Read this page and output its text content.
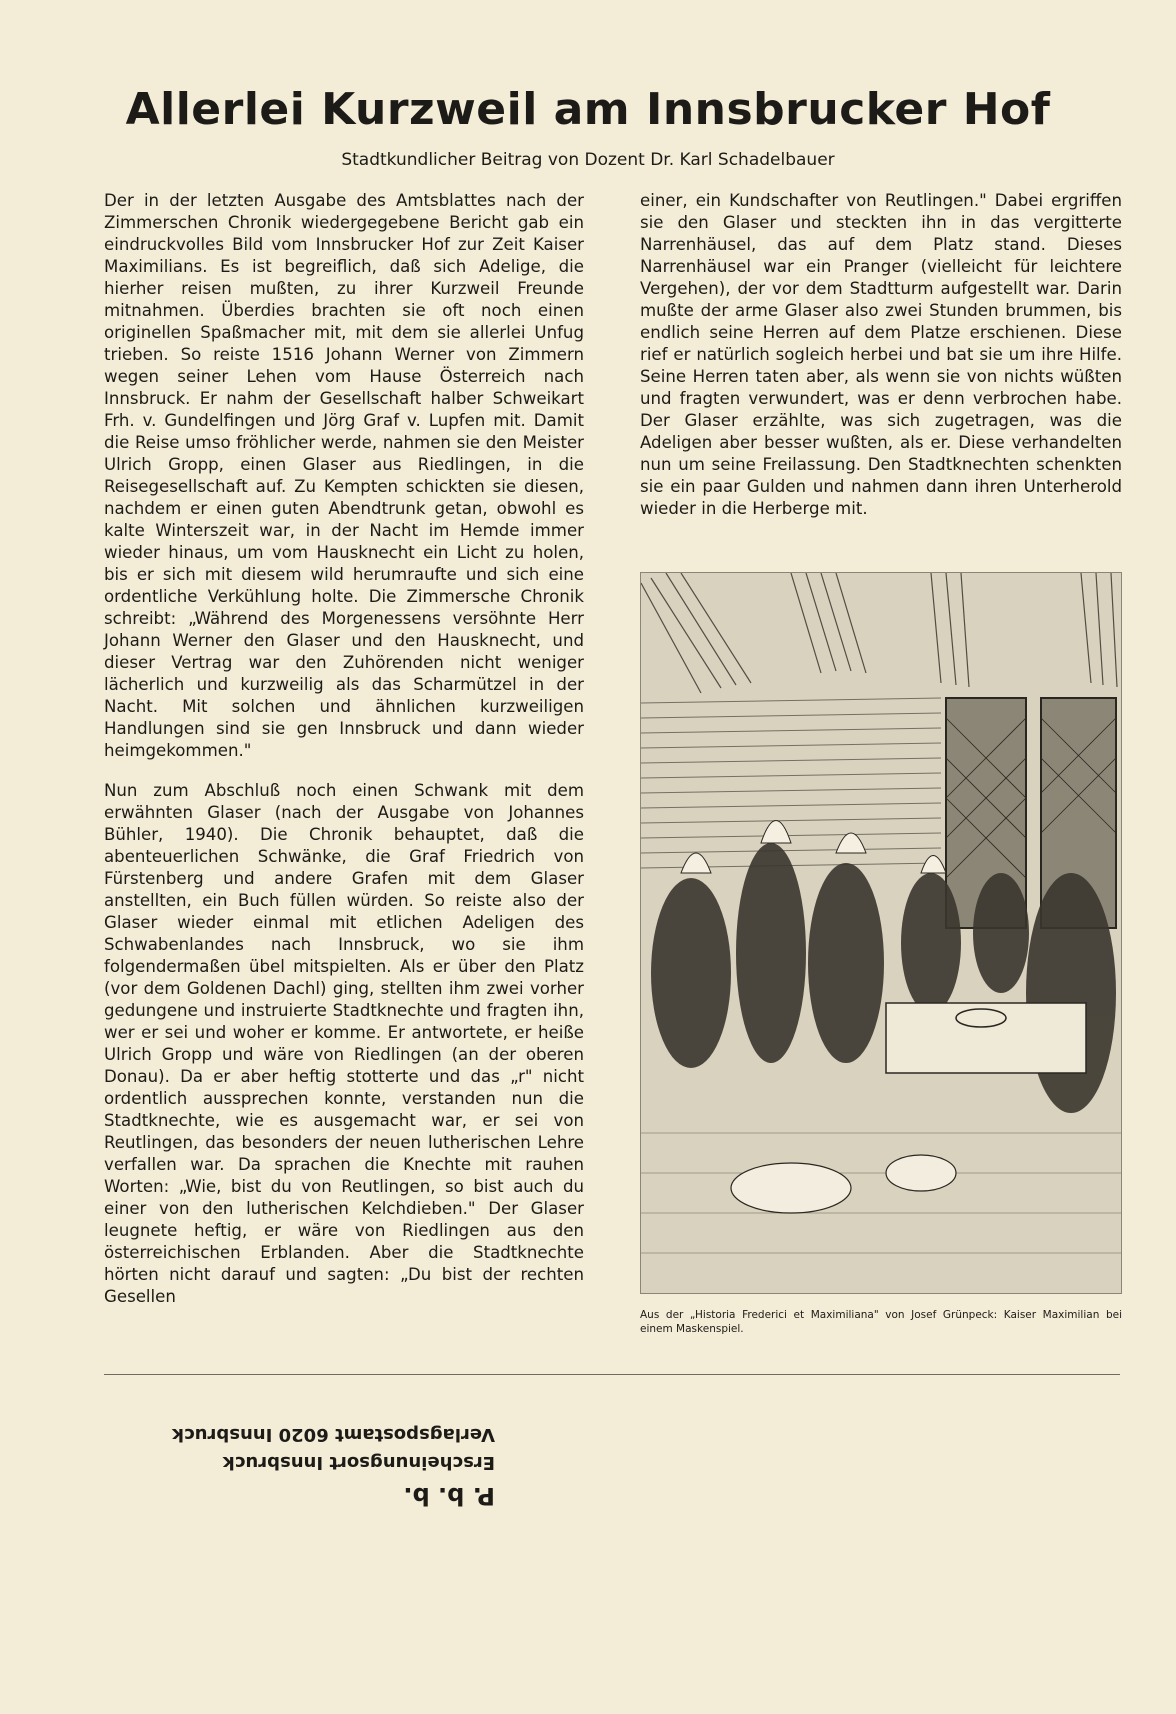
Allerlei Kurzweil am Innsbrucker Hof

Stadtkundlicher Beitrag von Dozent Dr. Karl Schadelbauer

Der in der letzten Ausgabe des Amtsblattes nach der Zimmerschen Chronik wiedergegebene Bericht gab ein eindruckvolles Bild vom Innsbrucker Hof zur Zeit Kaiser Maximilians. Es ist begreiflich, daß sich Adelige, die hierher reisen mußten, zu ihrer Kurzweil Freunde mitnahmen. Überdies brachten sie oft noch einen originellen Spaßmacher mit, mit dem sie allerlei Unfug trieben. So reiste 1516 Johann Werner von Zimmern wegen seiner Lehen vom Hause Österreich nach Innsbruck. Er nahm der Gesellschaft halber Schweikart Frh. v. Gundelfingen und Jörg Graf v. Lupfen mit. Damit die Reise umso fröhlicher werde, nahmen sie den Meister Ulrich Gropp, einen Glaser aus Riedlingen, in die Reisegesellschaft auf. Zu Kempten schickten sie diesen, nachdem er einen guten Abendtrunk getan, obwohl es kalte Winterszeit war, in der Nacht im Hemde immer wieder hinaus, um vom Hausknecht ein Licht zu holen, bis er sich mit diesem wild herumraufte und sich eine ordentliche Verkühlung holte. Die Zimmersche Chronik schreibt: „Während des Morgenessens versöhnte Herr Johann Werner den Glaser und den Hausknecht, und dieser Vertrag war den Zuhörenden nicht weniger lächerlich und kurzweilig als das Scharmützel in der Nacht. Mit solchen und ähnlichen kurzweiligen Handlungen sind sie gen Innsbruck und dann wieder heimgekommen."

Nun zum Abschluß noch einen Schwank mit dem erwähnten Glaser (nach der Ausgabe von Johannes Bühler, 1940). Die Chronik behauptet, daß die abenteuerlichen Schwänke, die Graf Friedrich von Fürstenberg und andere Grafen mit dem Glaser anstellten, ein Buch füllen würden. So reiste also der Glaser wieder einmal mit etlichen Adeligen des Schwabenlandes nach Innsbruck, wo sie ihm folgendermaßen übel mitspielten. Als er über den Platz (vor dem Goldenen Dachl) ging, stellten ihm zwei vorher gedungene und instruierte Stadtknechte und fragten ihn, wer er sei und woher er komme. Er antwortete, er heiße Ulrich Gropp und wäre von Riedlingen (an der oberen Donau). Da er aber heftig stotterte und das „r" nicht ordentlich aussprechen konnte, verstanden nun die Stadtknechte, wie es ausgemacht war, er sei von Reutlingen, das besonders der neuen lutherischen Lehre verfallen war. Da sprachen die Knechte mit rauhen Worten: „Wie, bist du von Reutlingen, so bist auch du einer von den lutherischen Kelchdieben." Der Glaser leugnete heftig, er wäre von Riedlingen aus den österreichischen Erblanden. Aber die Stadtknechte hörten nicht darauf und sagten: „Du bist der rechten Gesellen

einer, ein Kundschafter von Reutlingen." Dabei ergriffen sie den Glaser und steckten ihn in das vergitterte Narrenhäusel, das auf dem Platz stand. Dieses Narrenhäusel war ein Pranger (vielleicht für leichtere Vergehen), der vor dem Stadtturm aufgestellt war. Darin mußte der arme Glaser also zwei Stunden brummen, bis endlich seine Herren auf dem Platze erschienen. Diese rief er natürlich sogleich herbei und bat sie um ihre Hilfe. Seine Herren taten aber, als wenn sie von nichts wüßten und fragten verwundert, was er denn verbrochen habe. Der Glaser erzählte, was sich zugetragen, was die Adeligen aber besser wußten, als er. Diese verhandelten nun um seine Freilassung. Den Stadtknechten schenkten sie ein paar Gulden und nahmen dann ihren Unterherold wieder in die Herberge mit.

Aus der „Historia Frederici et Maximiliana" von Josef Grünpeck: Kaiser Maximilian bei einem Maskenspiel.

P. b. b.
Erscheinungsort Innsbruck
Verlagspostamt 6020 Innsbruck
